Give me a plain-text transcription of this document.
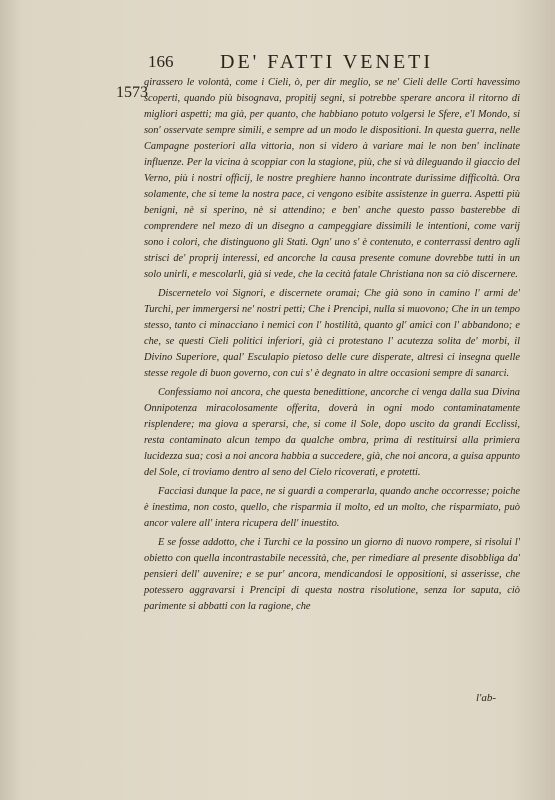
166 DE' FATTI VENETI
1573

girassero le volontà, come i Cieli, ò, per dir meglio, se ne' Cieli delle Corti havessimo scoperti, quando più bisognava, propitij segni, si potrebbe sperare ancora il ritorno di migliori aspetti; ma già, per quanto, che habbiano potuto volgersi le Sfere, e'l Mondo, si son' osservate sempre simili, e sempre ad un modo le dispositioni. In questa guerra, nelle Campagne posteriori alla vittoria, non si videro à variare mai le non ben' inclinate influenze. Per la vicina à scoppiar con la stagione, più, che si và dileguando il giaccio del Verno, più i nostri officij, le nostre preghiere hanno incontrate durissime difficoltà. Ora solamente, che si teme la nostra pace, ci vengono esibite assistenze in guerra. Aspetti più benigni, nè si sperino, nè si attendino; e ben' anche questo passo basterebbe di comprendere nel mezo di un disegno a campeggiare dissimili le intentioni, come varij sono i colori, che distinguono gli Stati. Ogn' uno s' è contenuto, e conterrassi dentro agli strisci de' proprij interessi, ed ancorche la causa presente comune dovrebbe tutti in un solo unirli, e mescolarli, già si vede, che la cecità fatale Christiana non sa ciò discernere.

Discernetelo voi Signori, e discernete oramai; Che già sono in camino l' armi de' Turchi, per immergersi ne' nostri petti; Che i Prencipi, nulla si muovono; Che in un tempo stesso, tanto ci minacciano i nemici con l' hostilità, quanto gl' amici con l' abbandono; e che, se questi Cieli politici inferiori, già ci protestano l' acutezza solita de' morbi, il Divino Superiore, qual' Esculapio pietoso delle cure disperate, altresì ci insegna quelle stesse regole di buon governo, con cui s' è degnato in altre occasioni sempre di sanarci.

Confessiamo noi ancora, che questa benedittione, ancorche ci venga dalla sua Divina Onnipotenza miracolosamente offerita, doverà in ogni modo contaminatamente risplendere; ma giova a sperarsi, che, si come il Sole, dopo uscito da grandi Ecclissi, resta contaminato alcun tempo da qualche ombra, prima di restituirsi alla primiera lucidezza sua; così a noi ancora habbia a succedere, già, che noi ancora, a guisa appunto del Sole, ci troviamo dentro al seno del Cielo ricoverati, e protetti.

Facciasi dunque la pace, ne si guardi a comperarla, quando anche occorresse; poiche è inestima, non costo, quello, che risparmia il molto, ed un molto, che risparmiato, può ancor valere all' intera ricupera dell' inuestito.

E se fosse addotto, che i Turchi ce la possino un giorno di nuovo rompere, si risolui l' obietto con quella incontrastabile necessità, che, per rimediare al presente disobbliga da' pensieri dell' auvenire; e se pur' ancora, mendicandosi le oppositioni, si asserisse, che potessero aggravarsi i Prencipi di questa nostra risolutione, senza lor saputa, ciò parimente si abbatti con la ragione, che

l'ab-
